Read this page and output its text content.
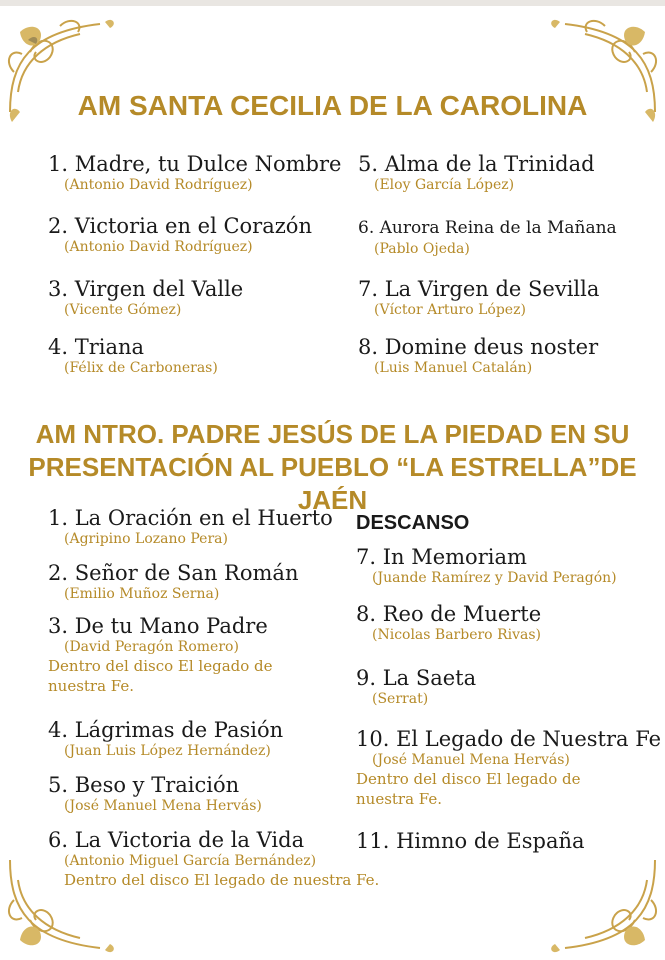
AM SANTA CECILIA DE LA CAROLINA
1. Madre, tu Dulce Nombre
(Antonio David Rodríguez)
2. Victoria en el Corazón
(Antonio David Rodríguez)
3. Virgen del Valle
(Vicente Gómez)
4. Triana
(Félix de Carboneras)
5. Alma de la Trinidad
(Eloy García López)
6. Aurora Reina de la Mañana
(Pablo Ojeda)
7. La Virgen de Sevilla
(Víctor Arturo López)
8. Domine deus noster
(Luis Manuel Catalán)
AM NTRO. PADRE JESÚS DE LA PIEDAD EN SU
PRESENTACIÓN AL PUEBLO “LA ESTRELLA”DE JAÉN
1. La Oración en el Huerto
(Agripino Lozano Pera)
2. Señor de San Román
(Emilio Muñoz Serna)
3. De tu Mano Padre
(David Peragón Romero)
Dentro del disco El legado de nuestra Fe.
4. Lágrimas de Pasión
(Juan Luis López Hernández)
5. Beso y Traición
(José Manuel Mena Hervás)
6. La Victoria de la Vida
(Antonio Miguel García Bernández)
Dentro del disco El legado de nuestra Fe.
DESCANSO
7. In Memoriam
(Juande Ramírez y David Peragón)
8. Reo de Muerte
(Nicolas Barbero Rivas)
9. La Saeta
(Serrat)
10. El Legado de Nuestra Fe
(José Manuel Mena Hervás)
Dentro del disco El legado de nuestra Fe.
11. Himno de España
